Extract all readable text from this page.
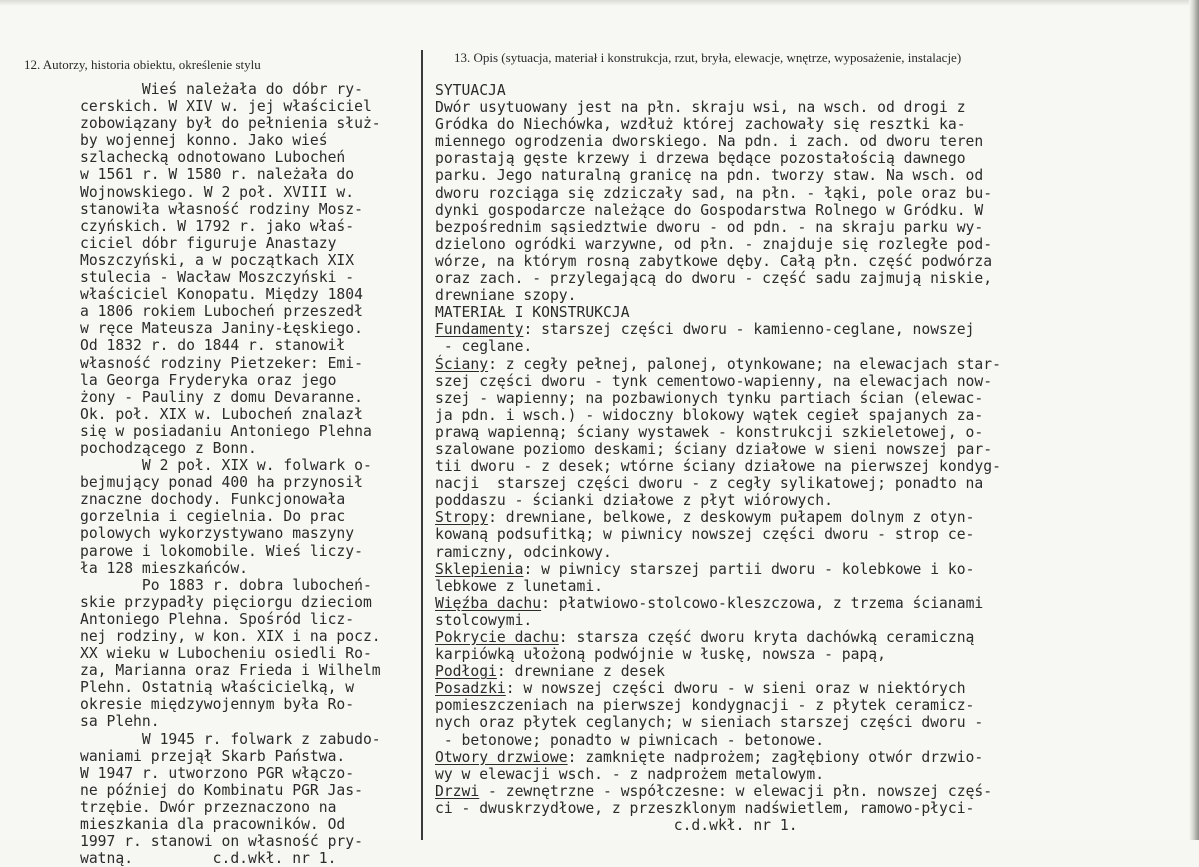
12. Autorzy, historia obiektu, określenie stylu	13. Opis (sytuacja, materiał i konstrukcja, rzut, bryła, elewacje, wnętrze, wyposażenie, instalacje)
Wieś należała do dóbr ry-
cerskich. W XIV w. jej właściciel
zobowiązany był do pełnienia służ-
by wojennej konno. Jako wieś
szlachecką odnotowano Lubocheń
w 1561 r. W 1580 r. należała do
Wojnowskiego. W 2 poł. XVIII w.
stanowiła własność rodziny Mosz-
czyńskich. W 1792 r. jako właś-
ciciel dóbr figuruje Anastazy
Moszczyński, a w początkach XIX
stulecia - Wacław Moszczyński -
właściciel Konopatu. Między 1804
a 1806 rokiem Lubocheń przeszedł
w ręce Mateusza Janiny-Łęskiego.
Od 1832 r. do 1844 r. stanowił
własność rodziny Pietzeker: Emi-
la Georga Fryderyka oraz jego
żony - Pauliny z domu Devaranne.
Ok. poł. XIX w. Lubocheń znalazł
się w posiadaniu Antoniego Plehna
pochodzącego z Bonn.
W 2 poł. XIX w. folwark o-
bejmujący ponad 400 ha przynosił
znaczne dochody. Funkcjonowała
gorzelnia i cegielnia. Do prac
polowych wykorzystywano maszyny
parowe i lokomobile. Wieś liczy-
ła 128 mieszkańców.
Po 1883 r. dobra lubocheń-
skie przypadły pięciorgu dzieciom
Antoniego Plehna. Spośród licz-
nej rodziny, w kon. XIX i na pocz.
XX wieku w Lubocheniu osiedli Ro-
za, Marianna oraz Frieda i Wilhelm
Plehn. Ostatnią właścicielką, w
okresie międzywojennym była Ro-
sa Plehn.
W 1945 r. folwark z zabudo-
waniami przejął Skarb Państwa.
W 1947 r. utworzono PGR włączo-
ne później do Kombinatu PGR Jas-
trzębie. Dwór przeznaczono na
mieszkania dla pracowników. Od
1997 r. stanowi on własność pry-
watną.         c.d.wkł. nr 1.
SYTUACJA
Dwór usytuowany jest na płn. skraju wsi, na wsch. od drogi z
Gródka do Niechówka, wzdłuż której zachowały się resztki ka-
miennego ogrodzenia dworskiego. Na pdn. i zach. od dworu teren
porastają gęste krzewy i drzewa będące pozostałością dawnego
parku. Jego naturalną granicę na pdn. tworzy staw. Na wsch. od
dworu rozciąga się zdziczały sad, na płn. - łąki, pole oraz bu-
dynki gospodarcze należące do Gospodarstwa Rolnego w Gródku. W
bezpośrednim sąsiedztwie dworu - od pdn. - na skraju parku wy-
dzielono ogródki warzywne, od płn. - znajduje się rozległe pod-
wórze, na którym rosną zabytkowe dęby. Całą płn. część podwórza
oraz zach. - przylegającą do dworu - część sadu zajmują niskie,
drewniane szopy.
MATERIAŁ I KONSTRUKCJA
Fundamenty: starszej części dworu - kamienno-ceglane, nowszej
- ceglane.
Ściany: z cegły pełnej, palonej, otynkowane; na elewacjach star-
szej części dworu - tynk cementowo-wapienny, na elewacjach now-
szej - wapienny; na pozbawionych tynku partiach ścian (elewac-
ja pdn. i wsch.) - widoczny blokowy wątek cegieł spajanych za-
prawą wapienną; ściany wystawek - konstrukcji szkieletowej, o-
szalowane poziomo deskami; ściany działowe w sieni nowszej par-
tii dworu - z desek; wtórne ściany działowe na pierwszej kondyg-
nacji  starszej części dworu - z cegły sylikatowej; ponadto na
poddaszu - ścianki działowe z płyt wiórowych.
Stropy: drewniane, belkowe, z deskowym pułapem dolnym z otyn-
kowaną podsufitką; w piwnicy nowszej części dworu - strop ce-
ramiczny, odcinkowy.
Sklepienia: w piwnicy starszej partii dworu - kolebkowe i ko-
lebkowe z lunetami.
Więźba dachu: płatwiowo-stolcowo-kleszczowa, z trzema ścianami
stolcowymi.
Pokrycie dachu: starsza część dworu kryta dachówką ceramiczną
karpiówką ułożoną podwójnie w łuskę, nowsza - papą,
Podłogi: drewniane z desek
Posadzki: w nowszej części dworu - w sieni oraz w niektórych
pomieszczeniach na pierwszej kondygnacji - z płytek ceramicz-
nych oraz płytek ceglanych; w sieniach starszej części dworu -
- betonowe; ponadto w piwnicach - betonowe.
Otwory drzwiowe: zamknięte nadprożem; zagłębiony otwór drzwio-
wy w elewacji wsch. - z nadprożem metalowym.
Drzwi - zewnętrzne - współczesne: w elewacji płn. nowszej częś-
ci - dwuskrzydłowe, z przeszklonym nadświetlem, ramowo-płyci-
c.d.wkł. nr 1.
